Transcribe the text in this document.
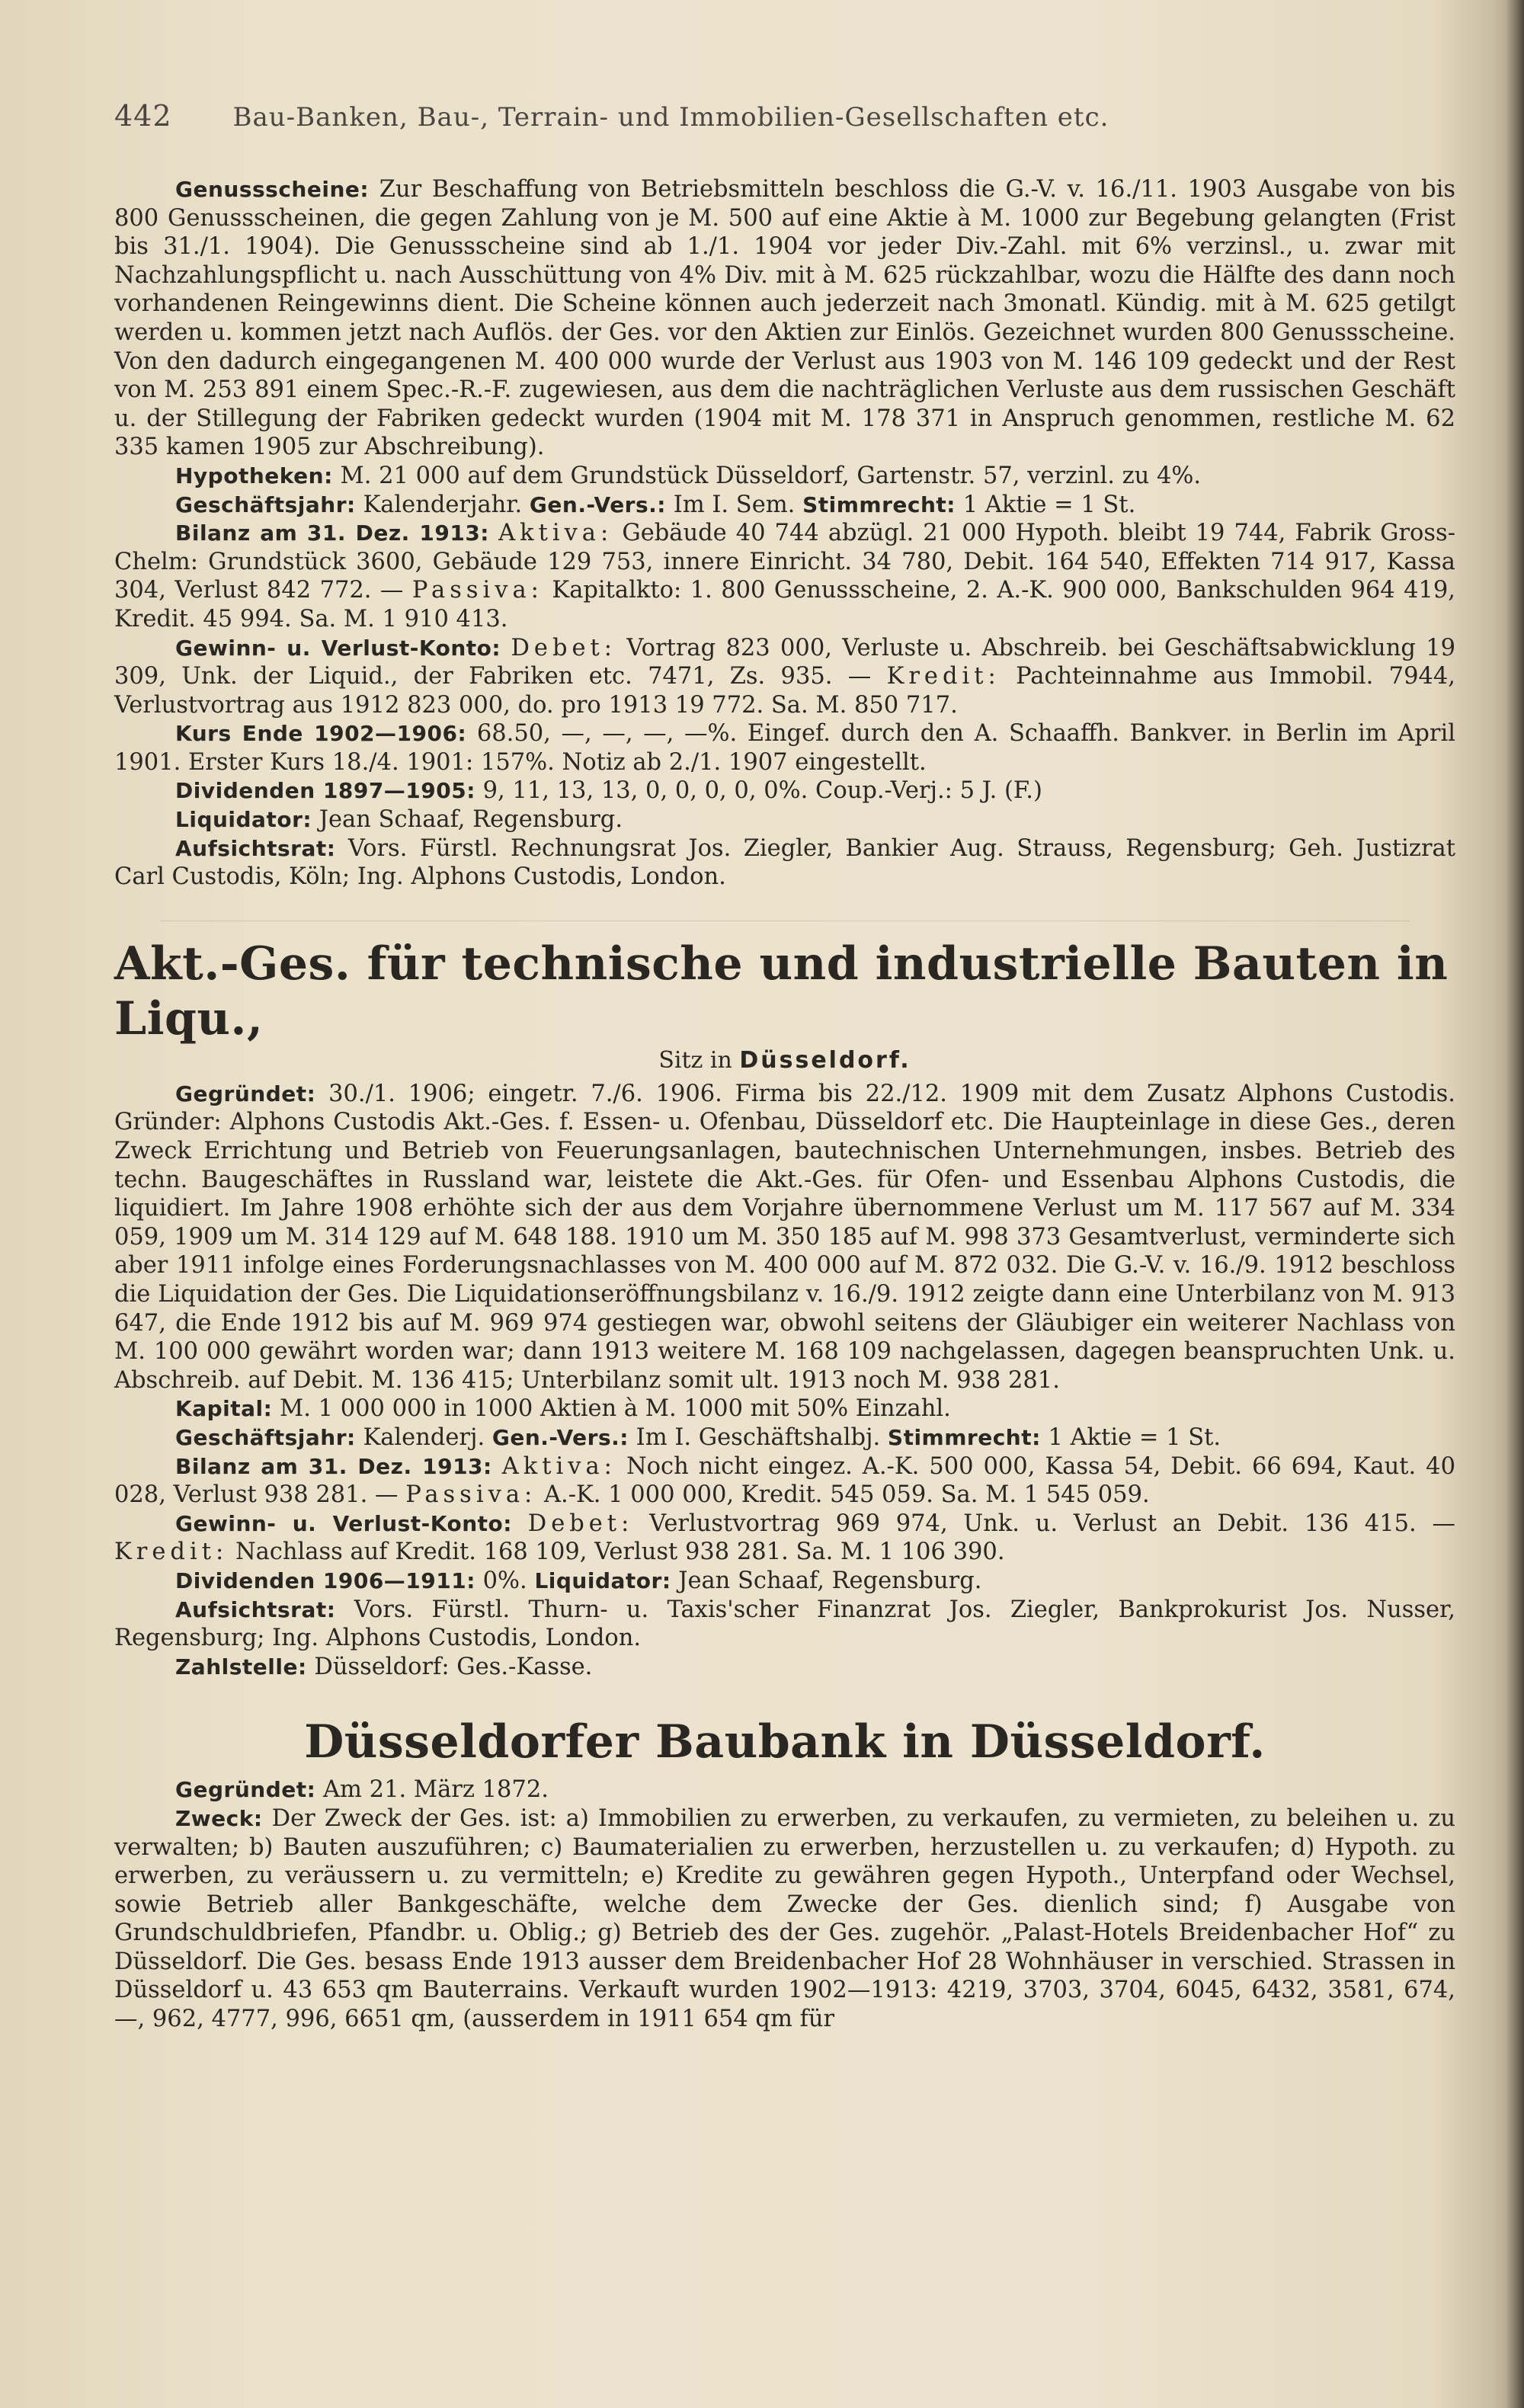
442 Bau-Banken, Bau-, Terrain- und Immobilien-Gesellschaften etc.

Genussscheine: Zur Beschaffung von Betriebsmitteln beschloss die G.-V. v. 16./11. 1903 Ausgabe von bis 800 Genussscheinen, die gegen Zahlung von je M. 500 auf eine Aktie à M. 1000 zur Begebung gelangten (Frist bis 31./1. 1904). Die Genussscheine sind ab 1./1. 1904 vor jeder Div.-Zahl. mit 6% verzinsl., u. zwar mit Nachzahlungspflicht u. nach Ausschüttung von 4% Div. mit à M. 625 rückzahlbar, wozu die Hälfte des dann noch vorhandenen Reingewinns dient. Die Scheine können auch jederzeit nach 3monatl. Kündig. mit à M. 625 getilgt werden u. kommen jetzt nach Auflös. der Ges. vor den Aktien zur Einlös. Gezeichnet wurden 800 Genussscheine. Von den dadurch eingegangenen M. 400 000 wurde der Verlust aus 1903 von M. 146 109 gedeckt und der Rest von M. 253 891 einem Spec.-R.-F. zugewiesen, aus dem die nachträglichen Verluste aus dem russischen Geschäft u. der Stillegung der Fabriken gedeckt wurden (1904 mit M. 178 371 in Anspruch genommen, restliche M. 62 335 kamen 1905 zur Abschreibung).

Hypotheken: M. 21 000 auf dem Grundstück Düsseldorf, Gartenstr. 57, verzinl. zu 4%.

Geschäftsjahr: Kalenderjahr. Gen.-Vers.: Im I. Sem. Stimmrecht: 1 Aktie = 1 St.

Bilanz am 31. Dez. 1913: Aktiva: Gebäude 40 744 abzügl. 21 000 Hypoth. bleibt 19 744, Fabrik Gross-Chelm: Grundstück 3600, Gebäude 129 753, innere Einricht. 34 780, Debit. 164 540, Effekten 714 917, Kassa 304, Verlust 842 772. — Passiva: Kapitalkto: 1. 800 Genussscheine, 2. A.-K. 900 000, Bankschulden 964 419, Kredit. 45 994. Sa. M. 1 910 413.

Gewinn- u. Verlust-Konto: Debet: Vortrag 823 000, Verluste u. Abschreib. bei Geschäftsabwicklung 19 309, Unk. der Liquid., der Fabriken etc. 7471, Zs. 935. — Kredit: Pachteinnahme aus Immobil. 7944, Verlustvortrag aus 1912 823 000, do. pro 1913 19 772. Sa. M. 850 717.

Kurs Ende 1902—1906: 68.50, —, —, —, —%. Eingef. durch den A. Schaaffh. Bankver. in Berlin im April 1901. Erster Kurs 18./4. 1901: 157%. Notiz ab 2./1. 1907 eingestellt.

Dividenden 1897—1905: 9, 11, 13, 13, 0, 0, 0, 0, 0%. Coup.-Verj.: 5 J. (F.)

Liquidator: Jean Schaaf, Regensburg.

Aufsichtsrat: Vors. Fürstl. Rechnungsrat Jos. Ziegler, Bankier Aug. Strauss, Regensburg; Geh. Justizrat Carl Custodis, Köln; Ing. Alphons Custodis, London.

Akt.-Ges. für technische und industrielle Bauten in Liqu.,
Sitz in Düsseldorf.

Gegründet: 30./1. 1906; eingetr. 7./6. 1906. Firma bis 22./12. 1909 mit dem Zusatz Alphons Custodis. Gründer: Alphons Custodis Akt.-Ges. f. Essen- u. Ofenbau, Düsseldorf etc. Die Haupteinlage in diese Ges., deren Zweck Errichtung und Betrieb von Feuerungsanlagen, bautechnischen Unternehmungen, insbes. Betrieb des techn. Baugeschäftes in Russland war, leistete die Akt.-Ges. für Ofen- und Essenbau Alphons Custodis, die liquidiert. Im Jahre 1908 erhöhte sich der aus dem Vorjahre übernommene Verlust um M. 117 567 auf M. 334 059, 1909 um M. 314 129 auf M. 648 188. 1910 um M. 350 185 auf M. 998 373 Gesamtverlust, verminderte sich aber 1911 infolge eines Forderungsnachlasses von M. 400 000 auf M. 872 032. Die G.-V. v. 16./9. 1912 beschloss die Liquidation der Ges. Die Liquidationseröffnungsbilanz v. 16./9. 1912 zeigte dann eine Unterbilanz von M. 913 647, die Ende 1912 bis auf M. 969 974 gestiegen war, obwohl seitens der Gläubiger ein weiterer Nachlass von M. 100 000 gewährt worden war; dann 1913 weitere M. 168 109 nachgelassen, dagegen beanspruchten Unk. u. Abschreib. auf Debit. M. 136 415; Unterbilanz somit ult. 1913 noch M. 938 281.

Kapital: M. 1 000 000 in 1000 Aktien à M. 1000 mit 50% Einzahl.

Geschäftsjahr: Kalenderj. Gen.-Vers.: Im I. Geschäftshalbj. Stimmrecht: 1 Aktie = 1 St.

Bilanz am 31. Dez. 1913: Aktiva: Noch nicht eingez. A.-K. 500 000, Kassa 54, Debit. 66 694, Kaut. 40 028, Verlust 938 281. — Passiva: A.-K. 1 000 000, Kredit. 545 059. Sa. M. 1 545 059.

Gewinn- u. Verlust-Konto: Debet: Verlustvortrag 969 974, Unk. u. Verlust an Debit. 136 415. — Kredit: Nachlass auf Kredit. 168 109, Verlust 938 281. Sa. M. 1 106 390.

Dividenden 1906—1911: 0%. Liquidator: Jean Schaaf, Regensburg.

Aufsichtsrat: Vors. Fürstl. Thurn- u. Taxis'scher Finanzrat Jos. Ziegler, Bankprokurist Jos. Nusser, Regensburg; Ing. Alphons Custodis, London.

Zahlstelle: Düsseldorf: Ges.-Kasse.

Düsseldorfer Baubank in Düsseldorf.

Gegründet: Am 21. März 1872.

Zweck: Der Zweck der Ges. ist: a) Immobilien zu erwerben, zu verkaufen, zu vermieten, zu beleihen u. zu verwalten; b) Bauten auszuführen; c) Baumaterialien zu erwerben, herzustellen u. zu verkaufen; d) Hypoth. zu erwerben, zu veräussern u. zu vermitteln; e) Kredite zu gewähren gegen Hypoth., Unterpfand oder Wechsel, sowie Betrieb aller Bankgeschäfte, welche dem Zwecke der Ges. dienlich sind; f) Ausgabe von Grundschuldbriefen, Pfandbr. u. Oblig.; g) Betrieb des der Ges. zugehör. „Palast-Hotels Breidenbacher Hof“ zu Düsseldorf. Die Ges. besass Ende 1913 ausser dem Breidenbacher Hof 28 Wohnhäuser in verschied. Strassen in Düsseldorf u. 43 653 qm Bauterrains. Verkauft wurden 1902—1913: 4219, 3703, 3704, 6045, 6432, 3581, 674, —, 962, 4777, 996, 6651 qm, (ausserdem in 1911 654 qm für
